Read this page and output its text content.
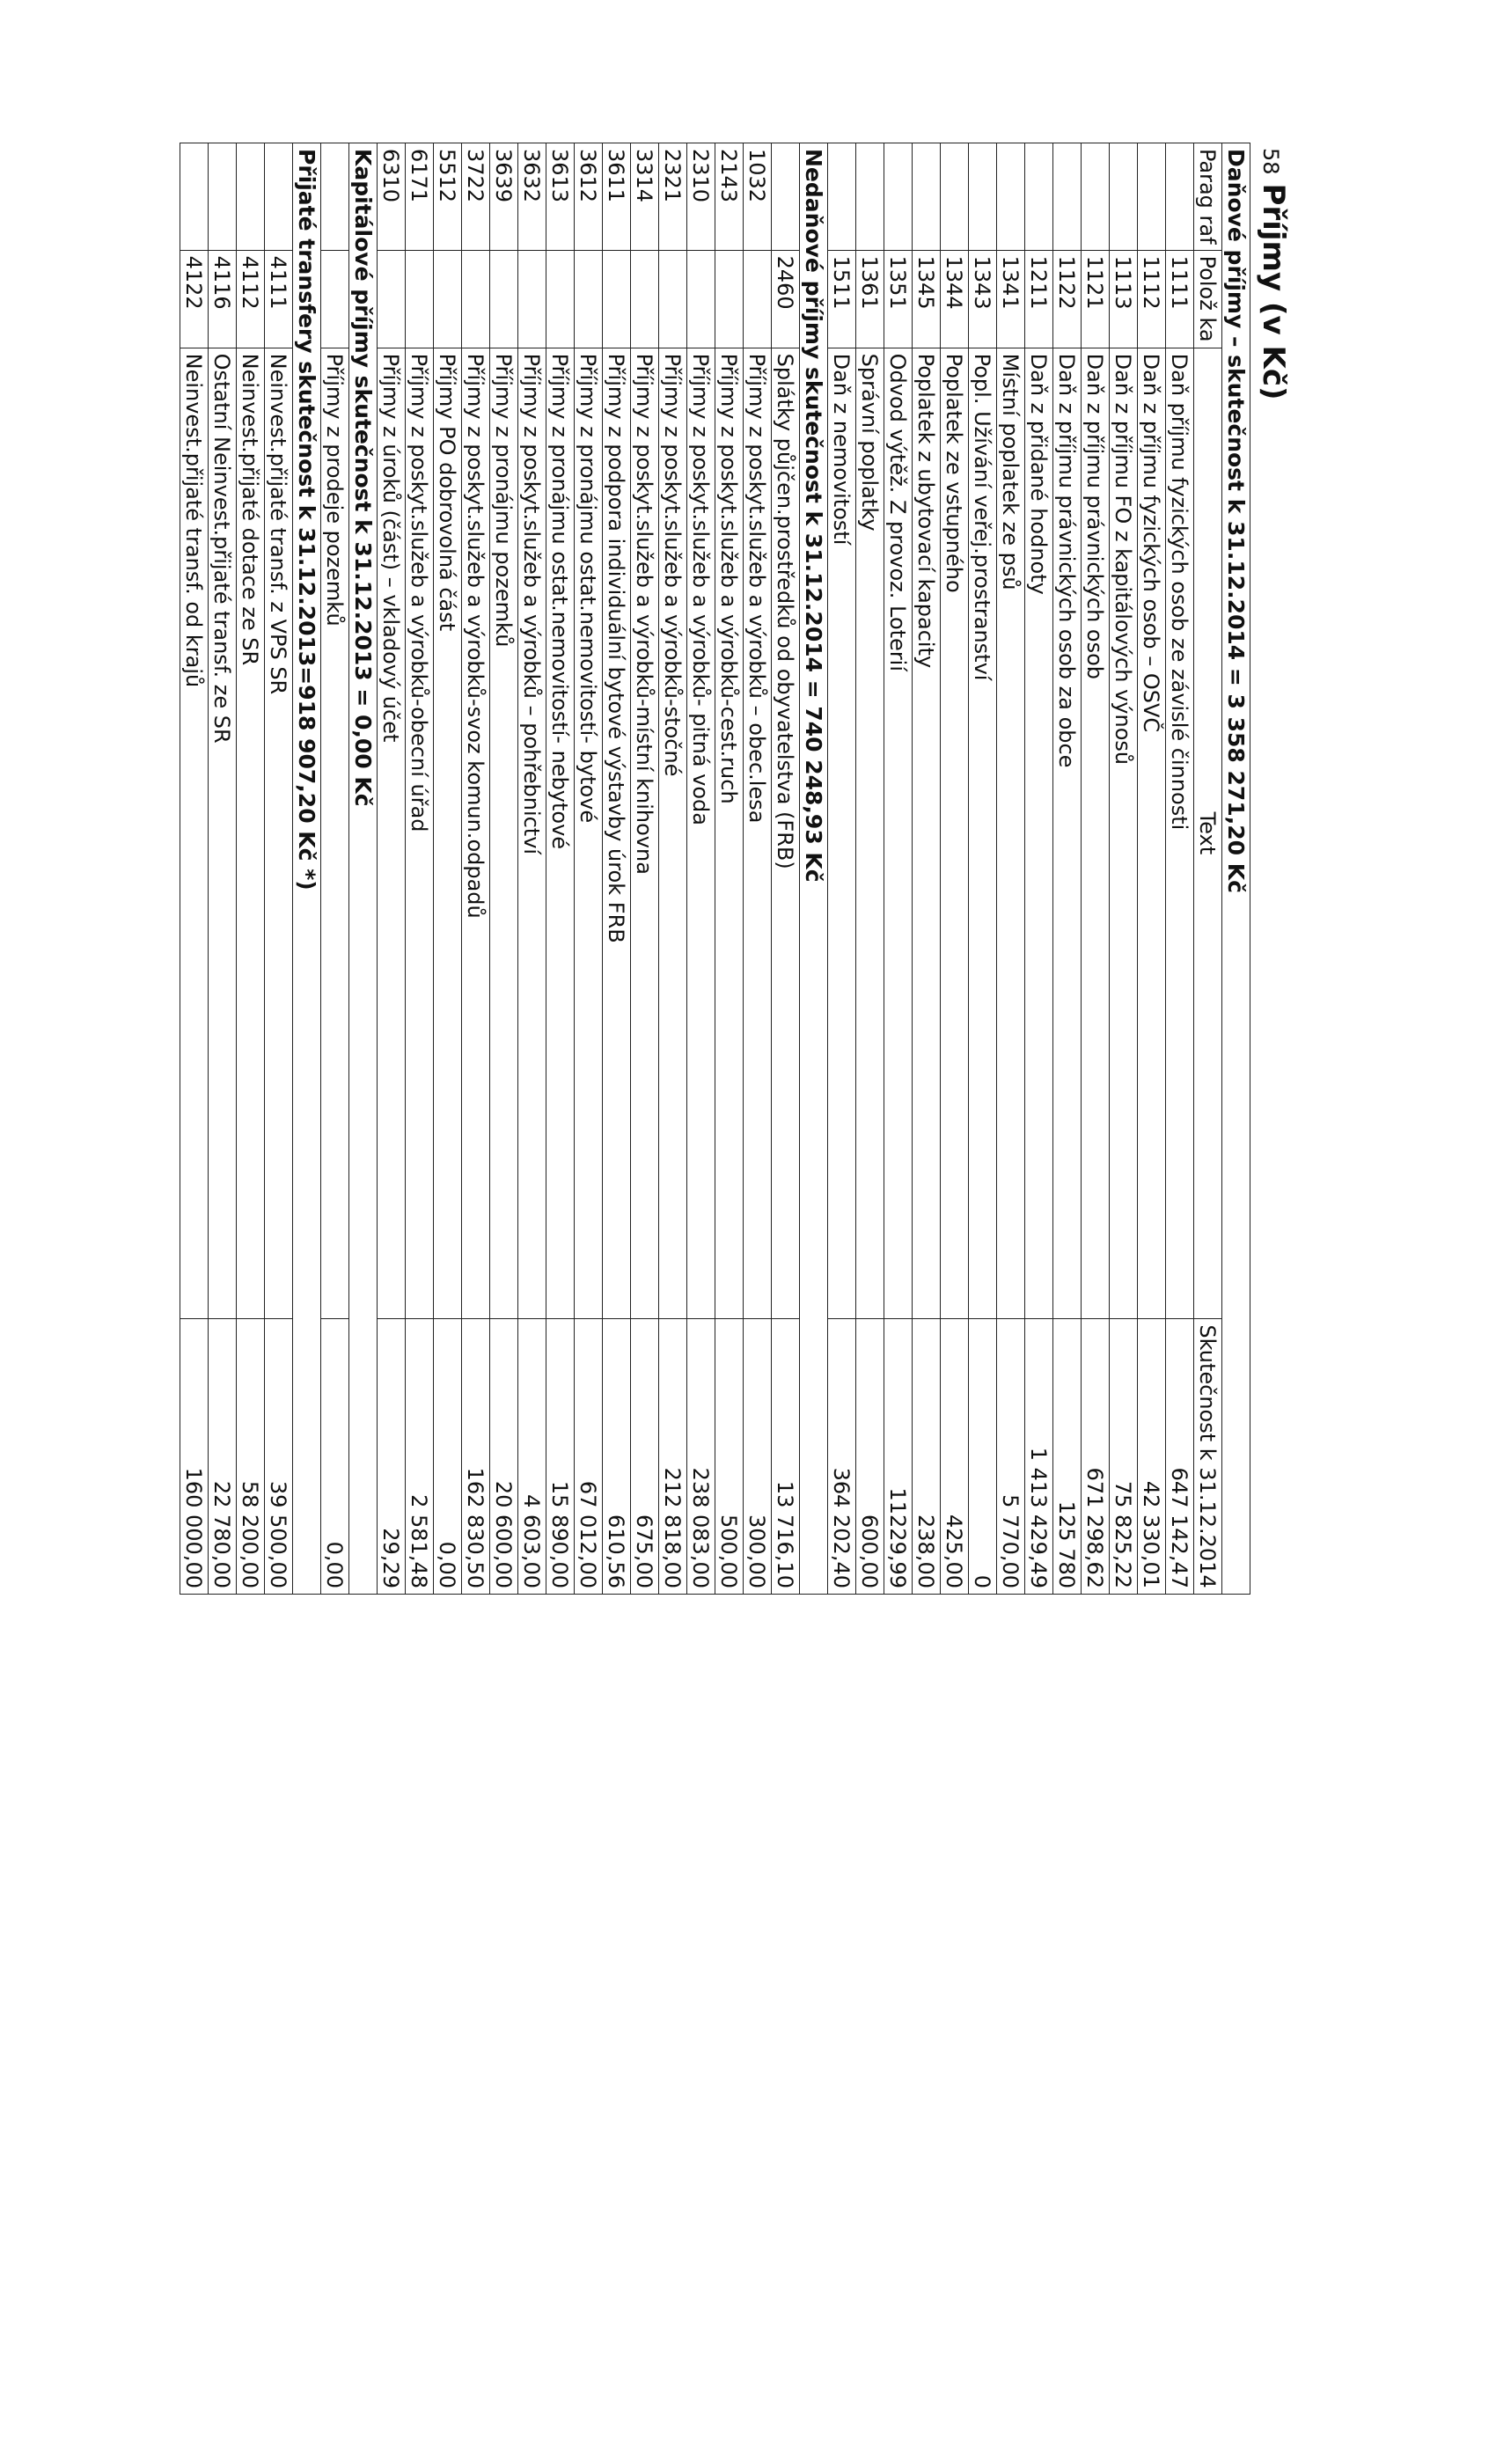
58Příjmy (v Kč)
Daňové příjmy – skutečnost k 31.12.2014 = 3 358 271,20 Kč			
Parag raf	Polož ka	Text	Skutečnost k 31.12.2014
	1111	Daň příjmu fyzických osob ze závislé činnosti	647 142,47
	1112	Daň z příjmu fyzických osob – OSVČ	42 330,01
	1113	Daň z příjmu FO z kapitálových výnosů	75 825,22
	1121	Daň z příjmu právnických osob	671 298,62
	1122	Daň z příjmu právnických osob za obce	125 780
	1211	Daň z přidané hodnoty	1 413 429,49
	1341	Místní poplatek ze psů	5 770,00
	1343	Popl. Užívání veřej.prostranství	0
	1344	Poplatek ze vstupného	425,00
	1345	Poplatek z ubytovací kapacity	238,00
	1351	Odvod výtěž. Z provoz. Loterií	11229,99
	1361	Správní poplatky	600,00
	1511	Daň z nemovitostí	364 202,40
Nedaňové příjmy skutečnost k 31.12.2014 = 740 248,93 Kč			
	2460	Splátky půjčen.prostředků od obyvatelstva (FRB)	13 716,10
1032		Příjmy z poskyt.služeb a výrobků – obec.lesa	300,00
2143		Příjmy z poskyt.služeb a výrobků-cest.ruch	500,00
2310		Příjmy z poskyt.služeb a výrobků- pitná voda	238 083,00
2321		Příjmy z poskyt.služeb a výrobků-stočné	212 818,00
3314		Příjmy z poskyt.služeb a výrobků-místní knihovna	675,00
3611		Příjmy z podpora individuální bytové výstavby úrok FRB	610,56
3612		Příjmy z pronájmu ostat.nemovitostí- bytové	67 012,00
3613		Příjmy z pronájmu ostat.nemovitostí- nebytové	15 890,00
3632		Příjmy z poskyt.služeb a výrobků – pohřebnictví	4 603,00
3639		Příjmy z pronájmu pozemků	20 600,00
3722		Příjmy z poskyt.služeb a výrobků-svoz komun.odpadů	162 830,50
5512		Příjmy PO dobrovolná část	0,00
6171		Příjmy z poskyt.služeb a výrobků-obecní úřad	2 581,48
6310		Příjmy z úroků (část) – vkladový účet	29,29
Kapitálové příjmy skutečnost k 31.12.2013 = 0,00 Kč			
		Příjmy z prodeje pozemků	0,00
Přijaté transfery skutečnost k 31.12.2013=918 907,20 Kč *)			
	4111	Neinvest.přijaté transf. z VPS SR	39 500,00
	4112	Neinvest.přijaté dotace ze SR	58 200,00
	4116	Ostatní Neinvest.přijaté transf. ze SR	22 780,00
	4122	Neinvest.přijaté transf. od krajů	160 000,00
